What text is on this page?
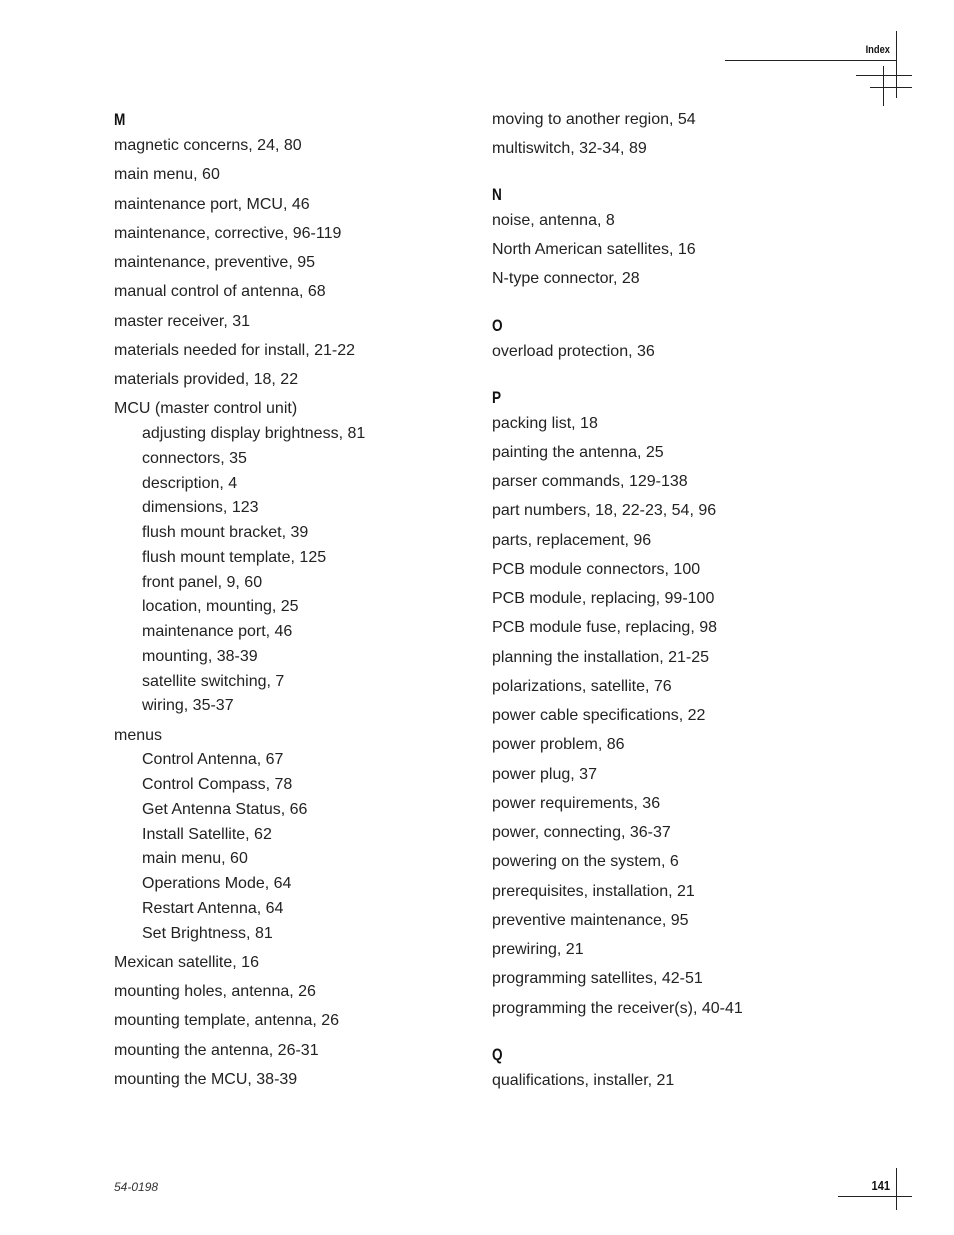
Index
M
magnetic concerns, 24, 80
main menu, 60
maintenance port, MCU, 46
maintenance, corrective, 96-119
maintenance, preventive, 95
manual control of antenna, 68
master receiver, 31
materials needed for install, 21-22
materials provided, 18, 22
MCU (master control unit)
adjusting display brightness, 81
connectors, 35
description, 4
dimensions, 123
flush mount bracket, 39
flush mount template, 125
front panel, 9, 60
location, mounting, 25
maintenance port, 46
mounting, 38-39
satellite switching, 7
wiring, 35-37
menus
Control Antenna, 67
Control Compass, 78
Get Antenna Status, 66
Install Satellite, 62
main menu, 60
Operations Mode, 64
Restart Antenna, 64
Set Brightness, 81
Mexican satellite, 16
mounting holes, antenna, 26
mounting template, antenna, 26
mounting the antenna, 26-31
mounting the MCU, 38-39
moving to another region, 54
multiswitch, 32-34, 89
N
noise, antenna, 8
North American satellites, 16
N-type connector, 28
O
overload protection, 36
P
packing list, 18
painting the antenna, 25
parser commands, 129-138
part numbers, 18, 22-23, 54, 96
parts, replacement, 96
PCB module connectors, 100
PCB module, replacing, 99-100
PCB module fuse, replacing, 98
planning the installation, 21-25
polarizations, satellite, 76
power cable specifications, 22
power problem, 86
power plug, 37
power requirements, 36
power, connecting, 36-37
powering on the system, 6
prerequisites, installation, 21
preventive maintenance, 95
prewiring, 21
programming satellites, 42-51
programming the receiver(s), 40-41
Q
qualifications, installer, 21
54-0198	141
